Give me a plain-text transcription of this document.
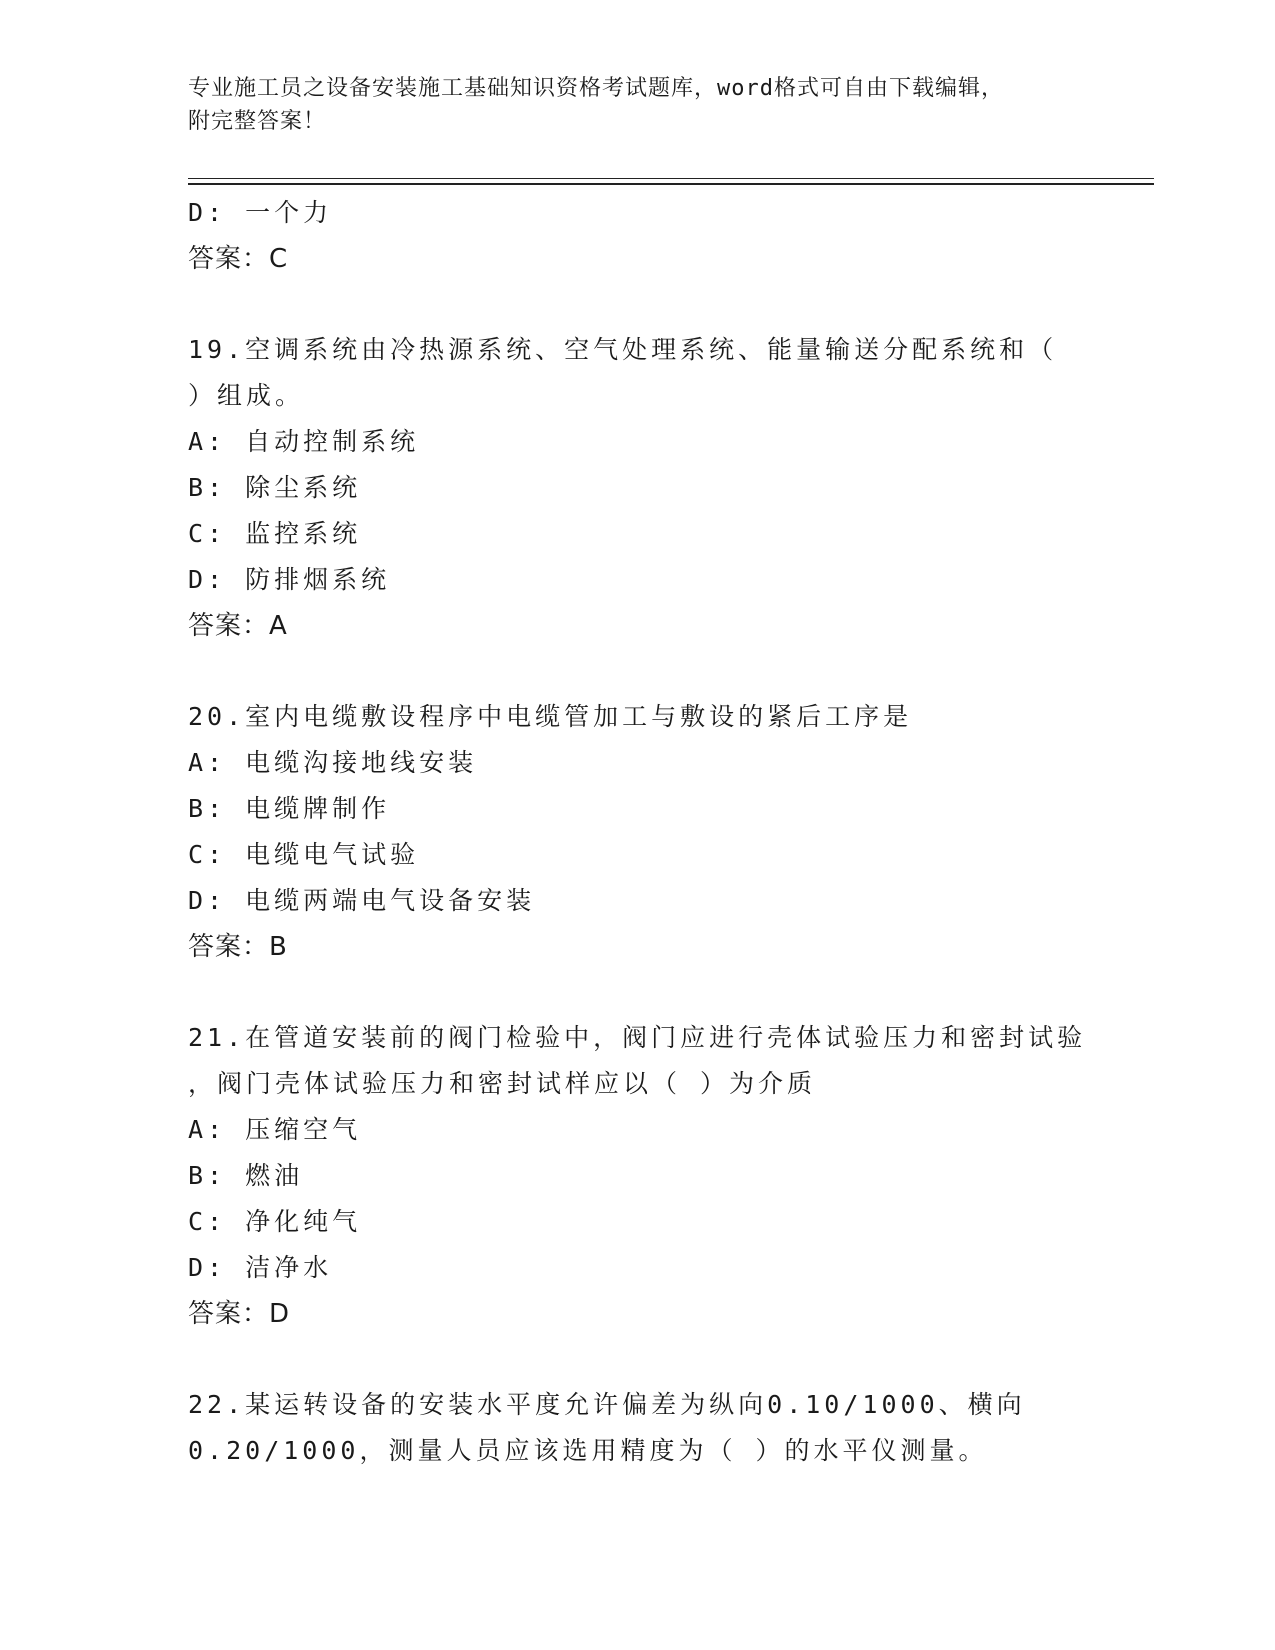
专业施工员之设备安装施工基础知识资格考试题库，word格式可自由下载编辑，
附完整答案！
D: 一个力
答案：C
19.空调系统由冷热源系统、空气处理系统、能量输送分配系统和（
）组成。
A: 自动控制系统
B: 除尘系统
C: 监控系统
D: 防排烟系统
答案：A
20.室内电缆敷设程序中电缆管加工与敷设的紧后工序是
A: 电缆沟接地线安装
B: 电缆牌制作
C: 电缆电气试验
D: 电缆两端电气设备安装
答案：B
21.在管道安装前的阀门检验中，阀门应进行壳体试验压力和密封试验
，阀门壳体试验压力和密封试样应以（ ）为介质
A: 压缩空气
B: 燃油
C: 净化纯气
D: 洁净水
答案：D
22.某运转设备的安装水平度允许偏差为纵向0.10/1000、横向
0.20/1000，测量人员应该选用精度为（ ）的水平仪测量。
